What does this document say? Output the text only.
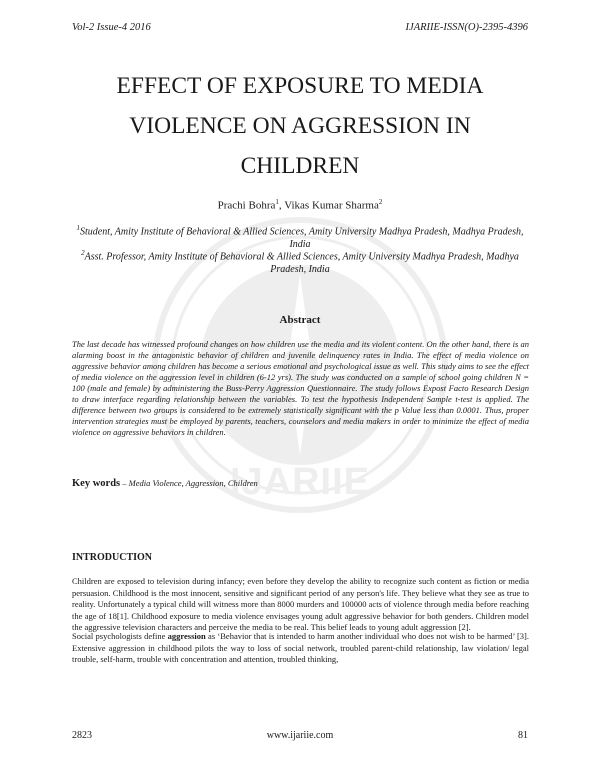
IJARIIE
Vol-2 Issue-4 2016	IJARIIE-ISSN(O)-2395-4396
EFFECT OF EXPOSURE TO MEDIA
VIOLENCE ON AGGRESSION IN
CHILDREN
Prachi Bohra$^1$, Vikas Kumar Sharma$^2$
$^1$Student, Amity Institute of Behavioral & Allied Sciences, Amity University Madhya Pradesh, Madhya Pradesh, India
$^2$Asst. Professor, Amity Institute of Behavioral & Allied Sciences, Amity University Madhya Pradesh, Madhya Pradesh, India
Abstract
The last decade has witnessed profound changes on how children use the media and its violent content. On the other hand, there is an alarming boost in the antagonistic behavior of children and juvenile delinquency rates in India. The effect of media violence on aggressive behavior among children has become a serious emotional and psychological issue as well. This study aims to see the effect of media violence on the aggression level in children (6-12 yrs). The study was conducted on a sample of school going children N = 100 (male and female) by administering the Buss-Perry Aggression Questionnaire. The study follows Expost Facto Research Design to draw interface regarding relationship between the variables. To test the hypothesis Independent Sample t-test is applied. The difference between two groups is considered to be extremely statistically significant with the p Value less than 0.0001. Thus, proper intervention strategies must be employed by parents, teachers, counselors and media makers in order to minimize the effect of media violence on aggressive behaviors in children.
Key words – Media Violence, Aggression, Children
INTRODUCTION
Children are exposed to television during infancy; even before they develop the ability to recognize such content as fiction or media persuasion. Childhood is the most innocent, sensitive and significant period of any person's life. They believe what they see as true to reality. Unfortunately a typical child will witness more than 8000 murders and 100000 acts of violence through media before reaching the age of 18[1]. Childhood exposure to media violence envisages young adult aggressive behavior for both genders. Children model the aggressive television characters and perceive the media to be real. This belief leads to young adult aggression [2].
Social psychologists define aggression as ‘Behavior that is intended to harm another individual who does not wish to be harmed’ [3]. Extensive aggression in childhood pilots the way to loss of social network, troubled parent-child relationship, law violation/ legal trouble, self-harm, trouble with concentration and attention, troubled thinking,
2823	www.ijariie.com	81
